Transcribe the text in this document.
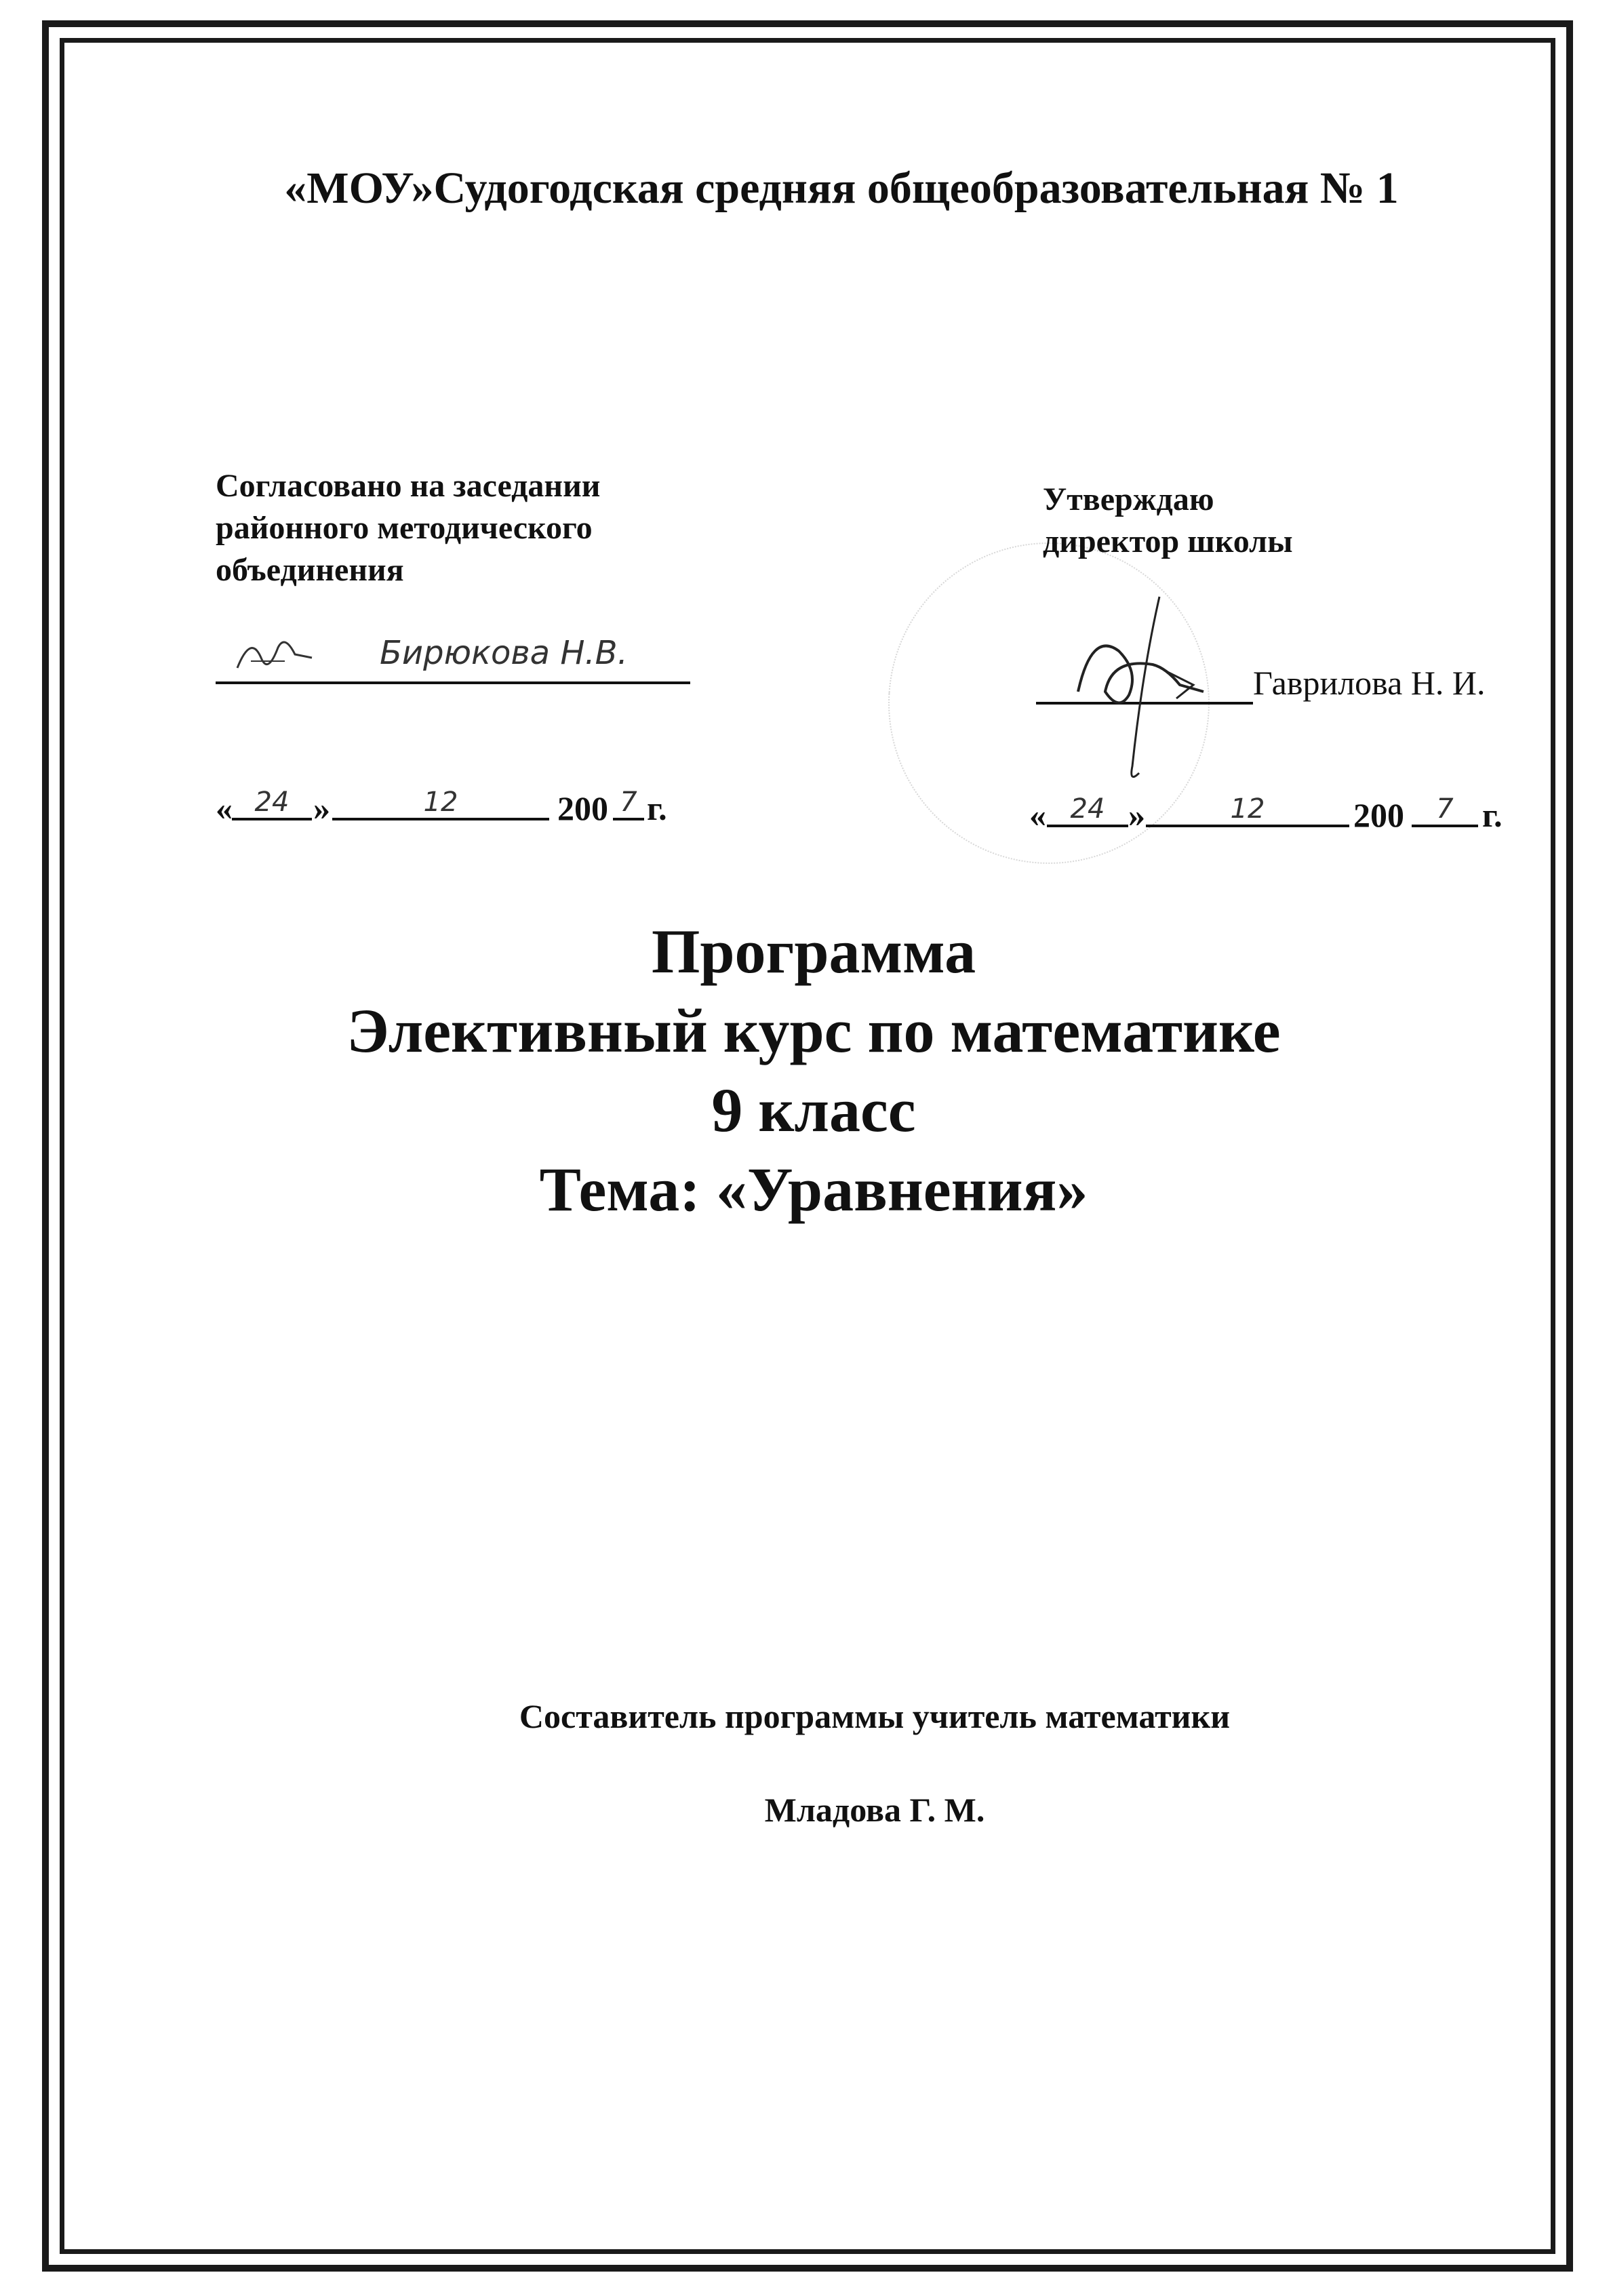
«МОУ»Судогодская средняя общеобразовательная № 1
Согласовано на заседании
районного методического
объединения
Бирюкова Н.В.
« 24 »	12	200 7 г.
Утверждаю
директор школы
Гаврилова Н. И.
« 24 »	12	200	7 г.
Программа
Элективный курс по математике
9 класс
Тема: «Уравнения»
Составитель программы учитель математики
Младова Г. М.
